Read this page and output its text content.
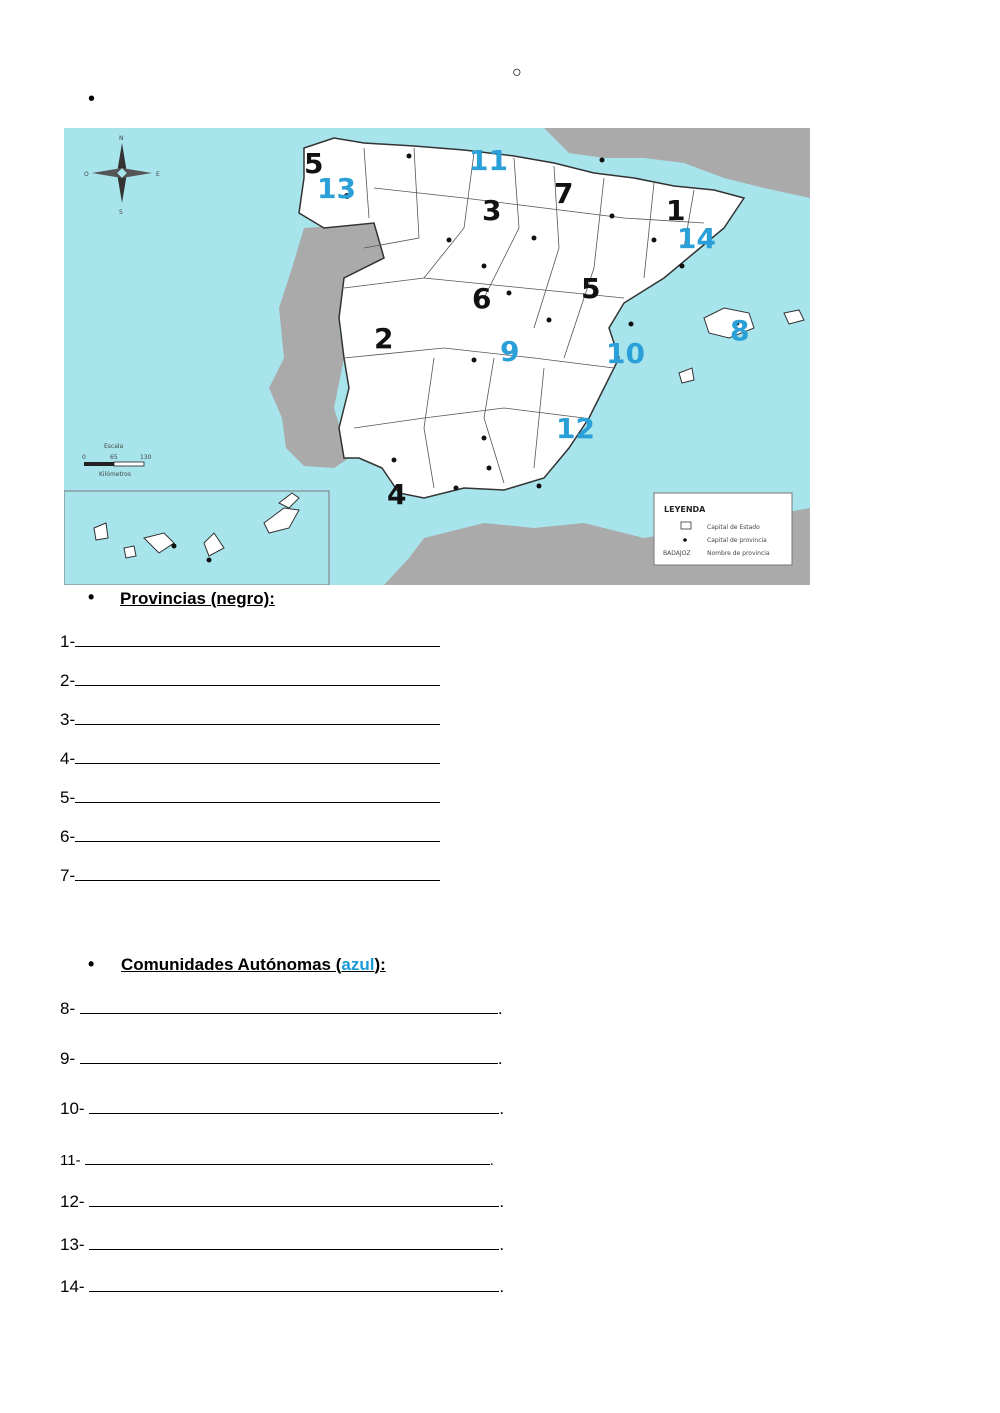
○
•
N
S
E
O
Escala
0	65	130
Kilómetros
LEYENDA
Capital de Estado
Capital de provincia
BADAJOZ	Nombre de provincia
5
3
7
1
6	5
2
4
11
13
14
8
9	10
12
• Provincias (negro):
1-
2-
3-
4-
5-
6-
7-
• Comunidades Autónomas (azul):
8-	.
9-	.
10-	.
11-	.
12-	.
13-	.
14-	.
